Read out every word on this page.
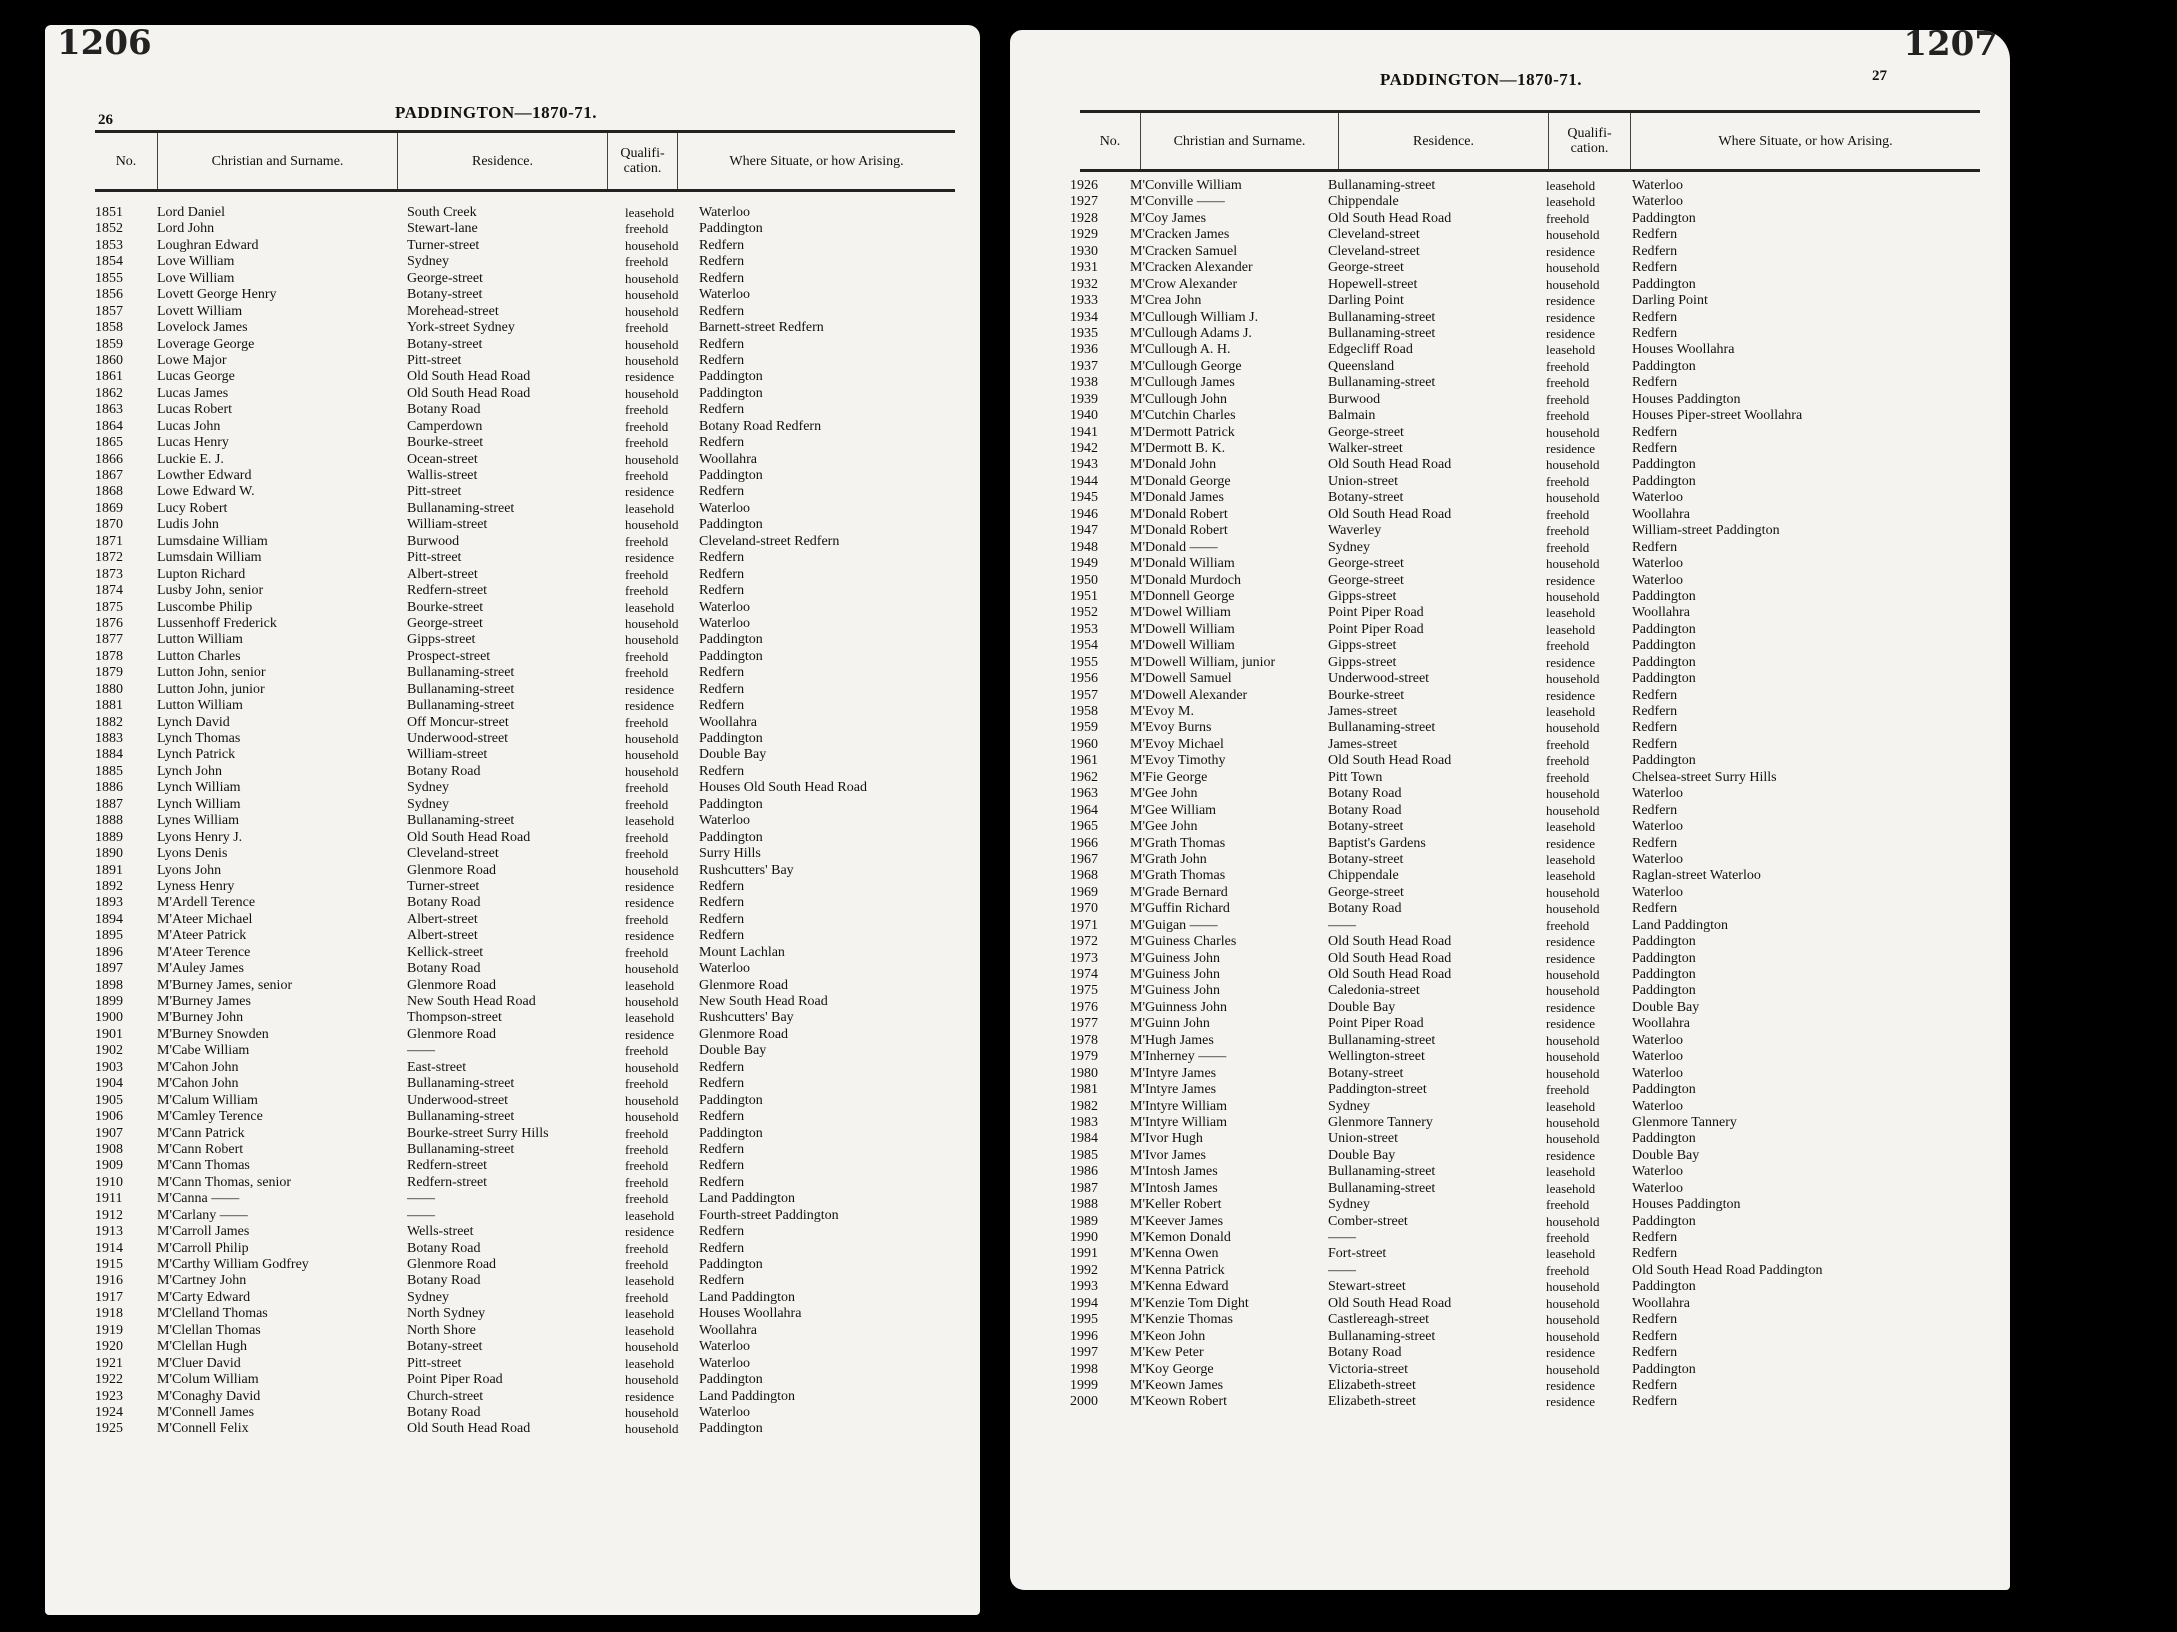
1206
26	PADDINGTON—1870-71.
No.	Christian and Surname.	Residence.	Qualifi- cation.	Where Situate, or how Arising.
1851	Lord Daniel	South Creek	leasehold	Waterloo
1852	Lord John	Stewart-lane	freehold	Paddington
1853	Loughran Edward	Turner-street	household	Redfern
1854	Love William	Sydney	freehold	Redfern
1855	Love William	George-street	household	Redfern
1856	Lovett George Henry	Botany-street	household	Waterloo
1857	Lovett William	Morehead-street	household	Redfern
1858	Lovelock James	York-street Sydney	freehold	Barnett-street Redfern
1859	Loverage George	Botany-street	household	Redfern
1860	Lowe Major	Pitt-street	household	Redfern
1861	Lucas George	Old South Head Road	residence	Paddington
1862	Lucas James	Old South Head Road	household	Paddington
1863	Lucas Robert	Botany Road	freehold	Redfern
1864	Lucas John	Camperdown	freehold	Botany Road Redfern
1865	Lucas Henry	Bourke-street	freehold	Redfern
1866	Luckie E. J.	Ocean-street	household	Woollahra
1867	Lowther Edward	Wallis-street	freehold	Paddington
1868	Lowe Edward W.	Pitt-street	residence	Redfern
1869	Lucy Robert	Bullanaming-street	leasehold	Waterloo
1870	Ludis John	William-street	household	Paddington
1871	Lumsdaine William	Burwood	freehold	Cleveland-street Redfern
1872	Lumsdain William	Pitt-street	residence	Redfern
1873	Lupton Richard	Albert-street	freehold	Redfern
1874	Lusby John, senior	Redfern-street	freehold	Redfern
1875	Luscombe Philip	Bourke-street	leasehold	Waterloo
1876	Lussenhoff Frederick	George-street	household	Waterloo
1877	Lutton William	Gipps-street	household	Paddington
1878	Lutton Charles	Prospect-street	freehold	Paddington
1879	Lutton John, senior	Bullanaming-street	freehold	Redfern
1880	Lutton John, junior	Bullanaming-street	residence	Redfern
1881	Lutton William	Bullanaming-street	residence	Redfern
1882	Lynch David	Off Moncur-street	freehold	Woollahra
1883	Lynch Thomas	Underwood-street	household	Paddington
1884	Lynch Patrick	William-street	household	Double Bay
1885	Lynch John	Botany Road	household	Redfern
1886	Lynch William	Sydney	freehold	Houses Old South Head Road
1887	Lynch William	Sydney	freehold	Paddington
1888	Lynes William	Bullanaming-street	leasehold	Waterloo
1889	Lyons Henry J.	Old South Head Road	freehold	Paddington
1890	Lyons Denis	Cleveland-street	freehold	Surry Hills
1891	Lyons John	Glenmore Road	household	Rushcutters' Bay
1892	Lyness Henry	Turner-street	residence	Redfern
1893	M'Ardell Terence	Botany Road	residence	Redfern
1894	M'Ateer Michael	Albert-street	freehold	Redfern
1895	M'Ateer Patrick	Albert-street	residence	Redfern
1896	M'Ateer Terence	Kellick-street	freehold	Mount Lachlan
1897	M'Auley James	Botany Road	household	Waterloo
1898	M'Burney James, senior	Glenmore Road	leasehold	Glenmore Road
1899	M'Burney James	New South Head Road	household	New South Head Road
1900	M'Burney John	Thompson-street	leasehold	Rushcutters' Bay
1901	M'Burney Snowden	Glenmore Road	residence	Glenmore Road
1902	M'Cabe William	——	freehold	Double Bay
1903	M'Cahon John	East-street	household	Redfern
1904	M'Cahon John	Bullanaming-street	freehold	Redfern
1905	M'Calum William	Underwood-street	household	Paddington
1906	M'Camley Terence	Bullanaming-street	household	Redfern
1907	M'Cann Patrick	Bourke-street Surry Hills	freehold	Paddington
1908	M'Cann Robert	Bullanaming-street	freehold	Redfern
1909	M'Cann Thomas	Redfern-street	freehold	Redfern
1910	M'Cann Thomas, senior	Redfern-street	freehold	Redfern
1911	M'Canna ——	——	freehold	Land Paddington
1912	M'Carlany ——	——	leasehold	Fourth-street Paddington
1913	M'Carroll James	Wells-street	residence	Redfern
1914	M'Carroll Philip	Botany Road	freehold	Redfern
1915	M'Carthy William Godfrey	Glenmore Road	freehold	Paddington
1916	M'Cartney John	Botany Road	leasehold	Redfern
1917	M'Carty Edward	Sydney	freehold	Land Paddington
1918	M'Clelland Thomas	North Sydney	leasehold	Houses Woollahra
1919	M'Clellan Thomas	North Shore	leasehold	Woollahra
1920	M'Clellan Hugh	Botany-street	household	Waterloo
1921	M'Cluer David	Pitt-street	leasehold	Waterloo
1922	M'Colum William	Point Piper Road	household	Paddington
1923	M'Conaghy David	Church-street	residence	Land Paddington
1924	M'Connell James	Botany Road	household	Waterloo
1925	M'Connell Felix	Old South Head Road	household	Paddington
1207
27
PADDINGTON—1870-71.
No.	Christian and Surname.	Residence.	Qualifi- cation.	Where Situate, or how Arising.
1926	M'Conville William	Bullanaming-street	leasehold	Waterloo
1927	M'Conville ——	Chippendale	leasehold	Waterloo
1928	M'Coy James	Old South Head Road	freehold	Paddington
1929	M'Cracken James	Cleveland-street	household	Redfern
1930	M'Cracken Samuel	Cleveland-street	residence	Redfern
1931	M'Cracken Alexander	George-street	household	Redfern
1932	M'Crow Alexander	Hopewell-street	household	Paddington
1933	M'Crea John	Darling Point	residence	Darling Point
1934	M'Cullough William J.	Bullanaming-street	residence	Redfern
1935	M'Cullough Adams J.	Bullanaming-street	residence	Redfern
1936	M'Cullough A. H.	Edgecliff Road	leasehold	Houses Woollahra
1937	M'Cullough George	Queensland	freehold	Paddington
1938	M'Cullough James	Bullanaming-street	freehold	Redfern
1939	M'Cullough John	Burwood	freehold	Houses Paddington
1940	M'Cutchin Charles	Balmain	freehold	Houses Piper-street Woollahra
1941	M'Dermott Patrick	George-street	household	Redfern
1942	M'Dermott B. K.	Walker-street	residence	Redfern
1943	M'Donald John	Old South Head Road	household	Paddington
1944	M'Donald George	Union-street	freehold	Paddington
1945	M'Donald James	Botany-street	household	Waterloo
1946	M'Donald Robert	Old South Head Road	freehold	Woollahra
1947	M'Donald Robert	Waverley	freehold	William-street Paddington
1948	M'Donald ——	Sydney	freehold	Redfern
1949	M'Donald William	George-street	household	Waterloo
1950	M'Donald Murdoch	George-street	residence	Waterloo
1951	M'Donnell George	Gipps-street	household	Paddington
1952	M'Dowel William	Point Piper Road	leasehold	Woollahra
1953	M'Dowell William	Point Piper Road	leasehold	Paddington
1954	M'Dowell William	Gipps-street	freehold	Paddington
1955	M'Dowell William, junior	Gipps-street	residence	Paddington
1956	M'Dowell Samuel	Underwood-street	household	Paddington
1957	M'Dowell Alexander	Bourke-street	residence	Redfern
1958	M'Evoy M.	James-street	leasehold	Redfern
1959	M'Evoy Burns	Bullanaming-street	household	Redfern
1960	M'Evoy Michael	James-street	freehold	Redfern
1961	M'Evoy Timothy	Old South Head Road	freehold	Paddington
1962	M'Fie George	Pitt Town	freehold	Chelsea-street Surry Hills
1963	M'Gee John	Botany Road	household	Waterloo
1964	M'Gee William	Botany Road	household	Redfern
1965	M'Gee John	Botany-street	leasehold	Waterloo
1966	M'Grath Thomas	Baptist's Gardens	residence	Redfern
1967	M'Grath John	Botany-street	leasehold	Waterloo
1968	M'Grath Thomas	Chippendale	leasehold	Raglan-street Waterloo
1969	M'Grade Bernard	George-street	household	Waterloo
1970	M'Guffin Richard	Botany Road	household	Redfern
1971	M'Guigan ——	——	freehold	Land Paddington
1972	M'Guiness Charles	Old South Head Road	residence	Paddington
1973	M'Guiness John	Old South Head Road	residence	Paddington
1974	M'Guiness John	Old South Head Road	household	Paddington
1975	M'Guiness John	Caledonia-street	household	Paddington
1976	M'Guinness John	Double Bay	residence	Double Bay
1977	M'Guinn John	Point Piper Road	residence	Woollahra
1978	M'Hugh James	Bullanaming-street	household	Waterloo
1979	M'Inherney ——	Wellington-street	household	Waterloo
1980	M'Intyre James	Botany-street	household	Waterloo
1981	M'Intyre James	Paddington-street	freehold	Paddington
1982	M'Intyre William	Sydney	leasehold	Waterloo
1983	M'Intyre William	Glenmore Tannery	household	Glenmore Tannery
1984	M'Ivor Hugh	Union-street	household	Paddington
1985	M'Ivor James	Double Bay	residence	Double Bay
1986	M'Intosh James	Bullanaming-street	leasehold	Waterloo
1987	M'Intosh James	Bullanaming-street	leasehold	Waterloo
1988	M'Keller Robert	Sydney	freehold	Houses Paddington
1989	M'Keever James	Comber-street	household	Paddington
1990	M'Kemon Donald	——	freehold	Redfern
1991	M'Kenna Owen	Fort-street	leasehold	Redfern
1992	M'Kenna Patrick	——	freehold	Old South Head Road Paddington
1993	M'Kenna Edward	Stewart-street	household	Paddington
1994	M'Kenzie Tom Dight	Old South Head Road	household	Woollahra
1995	M'Kenzie Thomas	Castlereagh-street	household	Redfern
1996	M'Keon John	Bullanaming-street	household	Redfern
1997	M'Kew Peter	Botany Road	residence	Redfern
1998	M'Koy George	Victoria-street	household	Paddington
1999	M'Keown James	Elizabeth-street	residence	Redfern
2000	M'Keown Robert	Elizabeth-street	residence	Redfern
